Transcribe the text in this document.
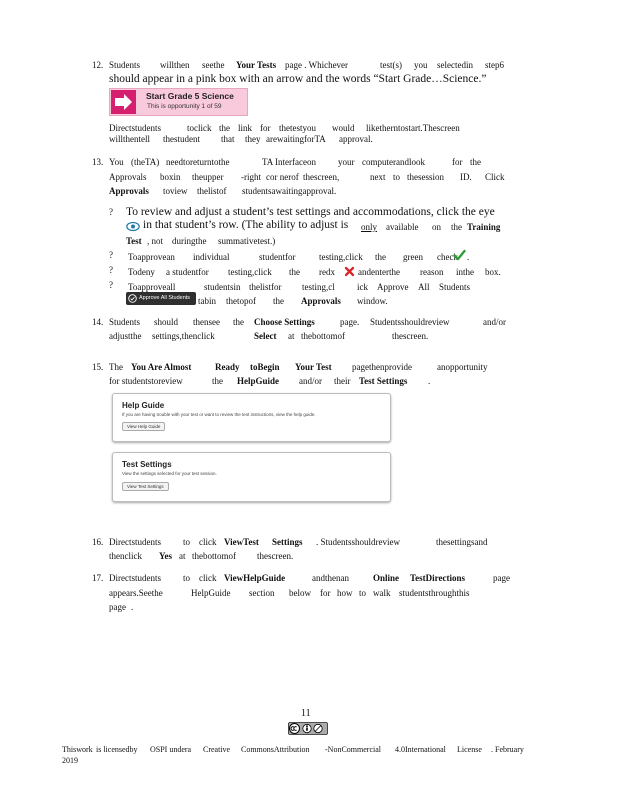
12. Students willthen seethe Your Tests page . Whichever	test(s) you selectedin step6
should appear in a pink box with an arrow and the words “Start Grade…Science.”
Start Grade 5 Science
This is opportunity 1 of 59
Directstudents	toclick the link for thetestyou would liketherntostart.Thescreen
willthentell thestudent that they arewaitingforTA approval.
13. You (theTA) needtoreturntothe	TA Interfaceon your computerandlook	for the
Approvals boxin theupper -right cor nerof thescreen,	next to thesession ID. Click
Approvals toview thelistof studentsawaitingapproval.
? To review and adjust a student’s test settings and accommodations, click the eye
in that student’s row. (The ability to adjust is only available on the Training
Test , not duringthe summativetest.)
? Toapprovean individual	studentfor	testing,click the green check .
? Todeny a studentfor testing,click the redx	andenterthe reason inthe box.
? Toapproveall	studentsin thelistfor testing,cl ick Approve All Students
Approve All Students tabin thetopof the Approvals window.
14. Students should thensee the Choose Settings	page. Studentsshouldreview	and/or
adjustthe settings,thenclick	Select at thebottomof	thescreen.
15. The You Are Almost	Ready toBegin Your Test pagethenprovide	anopportunity
for studentstoreview	the HelpGuide and/or their Test Settings .
Help Guide
If you are having trouble with your test or want to review the test instructions, view the help guide.
View Help Guide
Test Settings
View the settings selected for your test session.
View Test Settings
16. Directstudents to click ViewTest Settings . Studentsshouldreview	thesettingsand
thenclick Yes at thebottomof thescreen.
17. Directstudents to click ViewHelpGuide	andthenan	Online TestDirections	page
appears.Seethe	HelpGuide section below for how to walk studentsthroughthis
page .
11
Thiswork is licensedby OSPI undera Creative CommonsAttribution -NonCommercial 4.0International License . February
2019
